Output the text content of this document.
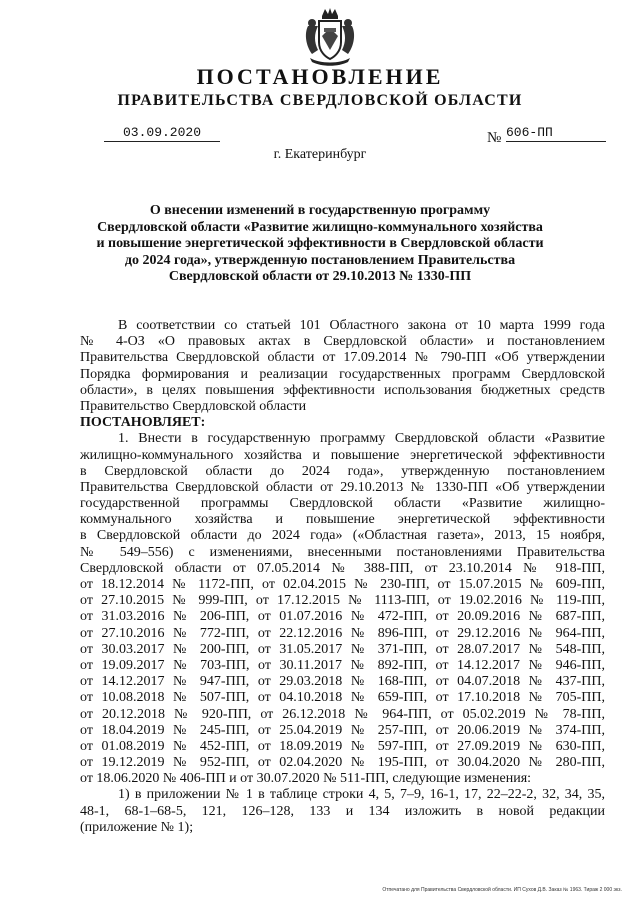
ПОСТАНОВЛЕНИЕ
ПРАВИТЕЛЬСТВА СВЕРДЛОВСКОЙ ОБЛАСТИ
03.09.2020	№ 606-ПП
г. Екатеринбург
О внесении изменений в государственную программу
Свердловской области «Развитие жилищно-коммунального хозяйства
и повышение энергетической эффективности в Свердловской области
до 2024 года», утвержденную постановлением Правительства
Свердловской области от 29.10.2013 № 1330-ПП
В соответствии со статьей 101 Областного закона от 10 марта 1999 года
№ 4-ОЗ «О правовых актах в Свердловской области» и постановлением
Правительства Свердловской области от 17.09.2014 № 790-ПП «Об утверждении
Порядка формирования и реализации государственных программ Свердловской
области», в целях повышения эффективности использования бюджетных средств
Правительство Свердловской области
ПОСТАНОВЛЯЕТ:
1. Внести в государственную программу Свердловской области «Развитие
жилищно-коммунального хозяйства и повышение энергетической эффективности
в Свердловской области до 2024 года», утвержденную постановлением
Правительства Свердловской области от 29.10.2013 № 1330-ПП «Об утверждении
государственной программы Свердловской области «Развитие жилищно-
коммунального хозяйства и повышение энергетической эффективности
в Свердловской области до 2024 года» («Областная газета», 2013, 15 ноября,
№ 549–556) с изменениями, внесенными постановлениями Правительства
Свердловской области от 07.05.2014 № 388-ПП, от 23.10.2014 № 918-ПП,
от 18.12.2014 № 1172-ПП, от 02.04.2015 № 230-ПП, от 15.07.2015 № 609-ПП,
от 27.10.2015 № 999-ПП, от 17.12.2015 № 1113-ПП, от 19.02.2016 № 119-ПП,
от 31.03.2016 № 206-ПП, от 01.07.2016 № 472-ПП, от 20.09.2016 № 687-ПП,
от 27.10.2016 № 772-ПП, от 22.12.2016 № 896-ПП, от 29.12.2016 № 964-ПП,
от 30.03.2017 № 200-ПП, от 31.05.2017 № 371-ПП, от 28.07.2017 № 548-ПП,
от 19.09.2017 № 703-ПП, от 30.11.2017 № 892-ПП, от 14.12.2017 № 946-ПП,
от 14.12.2017 № 947-ПП, от 29.03.2018 № 168-ПП, от 04.07.2018 № 437-ПП,
от 10.08.2018 № 507-ПП, от 04.10.2018 № 659-ПП, от 17.10.2018 № 705-ПП,
от 20.12.2018 № 920-ПП, от 26.12.2018 № 964-ПП, от 05.02.2019 № 78-ПП,
от 18.04.2019 № 245-ПП, от 25.04.2019 № 257-ПП, от 20.06.2019 № 374-ПП,
от 01.08.2019 № 452-ПП, от 18.09.2019 № 597-ПП, от 27.09.2019 № 630-ПП,
от 19.12.2019 № 952-ПП, от 02.04.2020 № 195-ПП, от 30.04.2020 № 280-ПП,
от 18.06.2020 № 406-ПП и от 30.07.2020 № 511-ПП, следующие изменения:
1) в приложении № 1 в таблице строки 4, 5, 7–9, 16-1, 17, 22–22-2, 32, 34, 35,
48-1, 68-1–68-5, 121, 126–128, 133 и 134 изложить в новой редакции
(приложение № 1);
Отпечатано для Правительства Свердловской области. ИП Сухов Д.В. Заказ № 1963. Тираж 2 000 экз.
